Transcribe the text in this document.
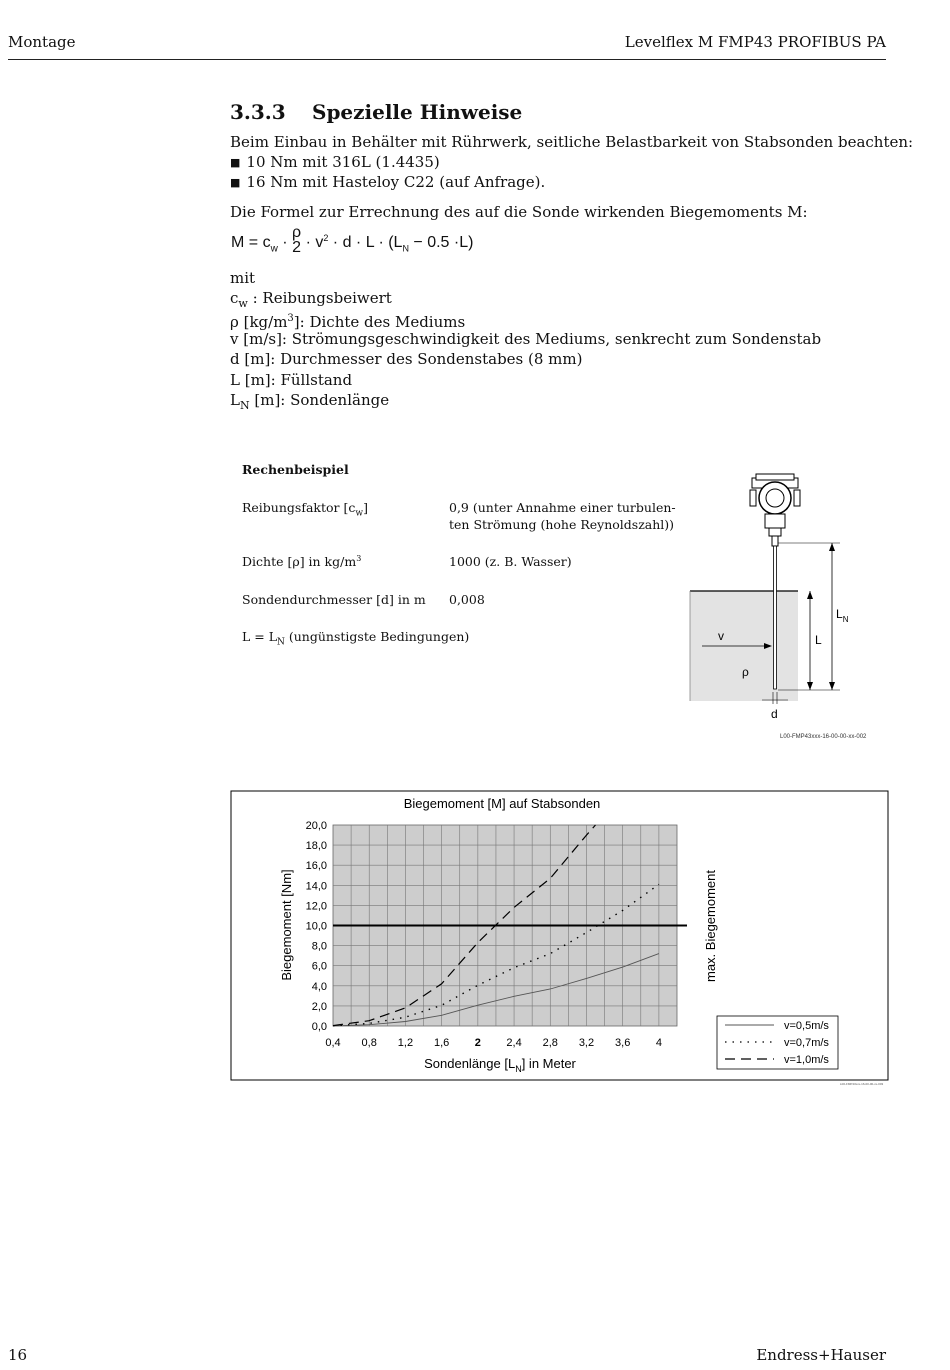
Montage	Levelflex M FMP43 PROFIBUS PA
3.3.3 Spezielle Hinweise
Beim Einbau in Behälter mit Rührwerk, seitliche Belastbarkeit von Stabsonden beachten:
■ 10 Nm mit 316L (1.4435)
■ 16 Nm mit Hasteloy C22 (auf Anfrage).
Die Formel zur Errechnung des auf die Sonde wirkenden Biegemoments M:
$M = c_w$ ·
ρ
$2 \cdot v^2 \cdot d \cdot L \cdot (L_N - 0.5 \cdot L)$
mit
$c_w$ : Reibungsbeiwert
ρ $[kg/m^3]$: Dichte des Mediums
v [m/s]: Strömungsgeschwindigkeit des Mediums, senkrecht zum Sondenstab
d [m]: Durchmesser des Sondenstabes (8 mm)
L [m]: Füllstand
$L_N$ [m]: Sondenlänge
Rechenbeispiel
Reibungsfaktor $[c_w]$	0,9 (unter Annahme einer turbulen-
ten Strömung (hohe Reynoldszahl))
Dichte [ρ] in $kg/m^3$	1000 (z. B. Wasser)
Sondendurchmesser [d] in m 0,008
$L = L_N$ (ungünstigste Bedingungen)
$L_N$
L
v
ρ
d
L00-FMP43xxx-16-00-00-xx-002
Biegemoment [M] auf Stabsonden
Biegemoment [Nm]	max. Biegemoment
Sondenlänge $[L_N]$ in Meter
0,0
2,0
4,0
6,0
8,0
10,0
12,0
14,0
16,0
18,0
20,0
0,4 0,8 1,2 1,6 2 2,4 2,8 3,2 3,6 4
v=0,5m/s
v=0,7m/s
v=1,0m/s
L00-FMP43xxx-16-00-00-xx-003
16	Endress+Hauser
